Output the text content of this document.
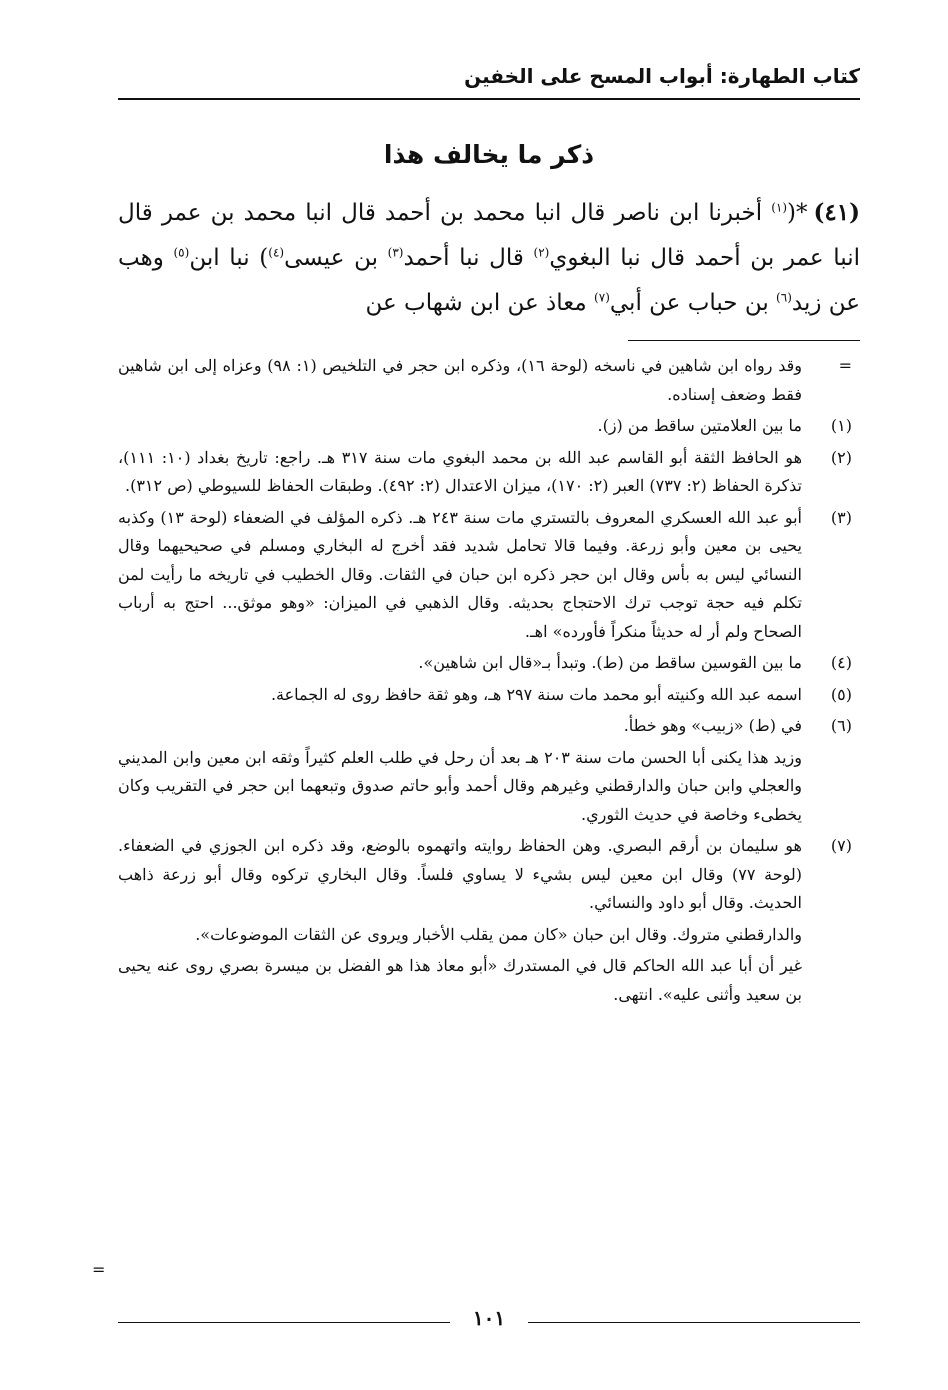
كتاب الطهارة: أبواب المسح على الخفين
ذكر ما يخالف هذا
(٤١)*($^{(١)}$ أخبرنا ابن ناصر قال انبا محمد بن أحمد قال انبا محمد بن عمر قال انبا عمر بن أحمد قال نبا البغوي$^{(٢)}$ قال نبا أحمد$^{(٣)}$ بن عيسى$^{(٤)}$) نبا ابن$^{(٥)}$ وهب عن زيد$^{(٦)}$ بن حباب عن أبي$^{(٧)}$ معاذ عن ابن شهاب عن
=
وقد رواه ابن شاهين في ناسخه (لوحة ١٦)، وذكره ابن حجر في التلخيص (١: ٩٨) وعزاه إلى ابن شاهين فقط وضعف إسناده.
(١)
ما بين العلامتين ساقط من (ز).
(٢)
هو الحافظ الثقة أبو القاسم عبد الله بن محمد البغوي مات سنة ٣١٧ هـ. راجع: تاريخ بغداد (١٠: ١١١)، تذكرة الحفاظ (٢: ٧٣٧) العبر (٢: ١٧٠)، ميزان الاعتدال (٢: ٤٩٢). وطبقات الحفاظ للسيوطي (ص ٣١٢).
(٣)
أبو عبد الله العسكري المعروف بالتستري مات سنة ٢٤٣ هـ. ذكره المؤلف في الضعفاء (لوحة ١٣) وكذبه يحيى بن معين وأبو زرعة. وفيما قالا تحامل شديد فقد أخرج له البخاري ومسلم في صحيحيهما وقال النسائي ليس به بأس وقال ابن حجر ذكره ابن حبان في الثقات. وقال الخطيب في تاريخه ما رأيت لمن تكلم فيه حجة توجب ترك الاحتجاج بحديثه. وقال الذهبي في الميزان: «وهو موثق... احتج به أرباب الصحاح ولم أر له حديثاً منكراً فأورده» اهـ.
(٤)
ما بين القوسين ساقط من (ط). وتبدأ بـ«قال ابن شاهين».
(٥)
اسمه عبد الله وكنيته أبو محمد مات سنة ٢٩٧ هـ، وهو ثقة حافظ روى له الجماعة.
(٦)
في (ط) «زبيب» وهو خطأ.
وزيد هذا يكنى أبا الحسن مات سنة ٢٠٣ هـ بعد أن رحل في طلب العلم كثيراً وثقه ابن معين وابن المديني والعجلي وابن حبان والدارقطني وغيرهم وقال أحمد وأبو حاتم صدوق وتبعهما ابن حجر في التقريب وكان يخطىء وخاصة في حديث الثوري.
(٧)
هو سليمان بن أرقم البصري. وهن الحفاظ روايته واتهموه بالوضع، وقد ذكره ابن الجوزي في الضعفاء. (لوحة ٧٧) وقال ابن معين ليس بشيء لا يساوي فلساً. وقال البخاري تركوه وقال أبو زرعة ذاهب الحديث. وقال أبو داود والنسائي.
والدارقطني متروك. وقال ابن حبان «كان ممن يقلب الأخبار ويروى عن الثقات الموضوعات».
غير أن أبا عبد الله الحاكم قال في المستدرك «أبو معاذ هذا هو الفضل بن ميسرة بصري روى عنه يحيى بن سعيد وأثنى عليه». انتهى.
=
١٠١
